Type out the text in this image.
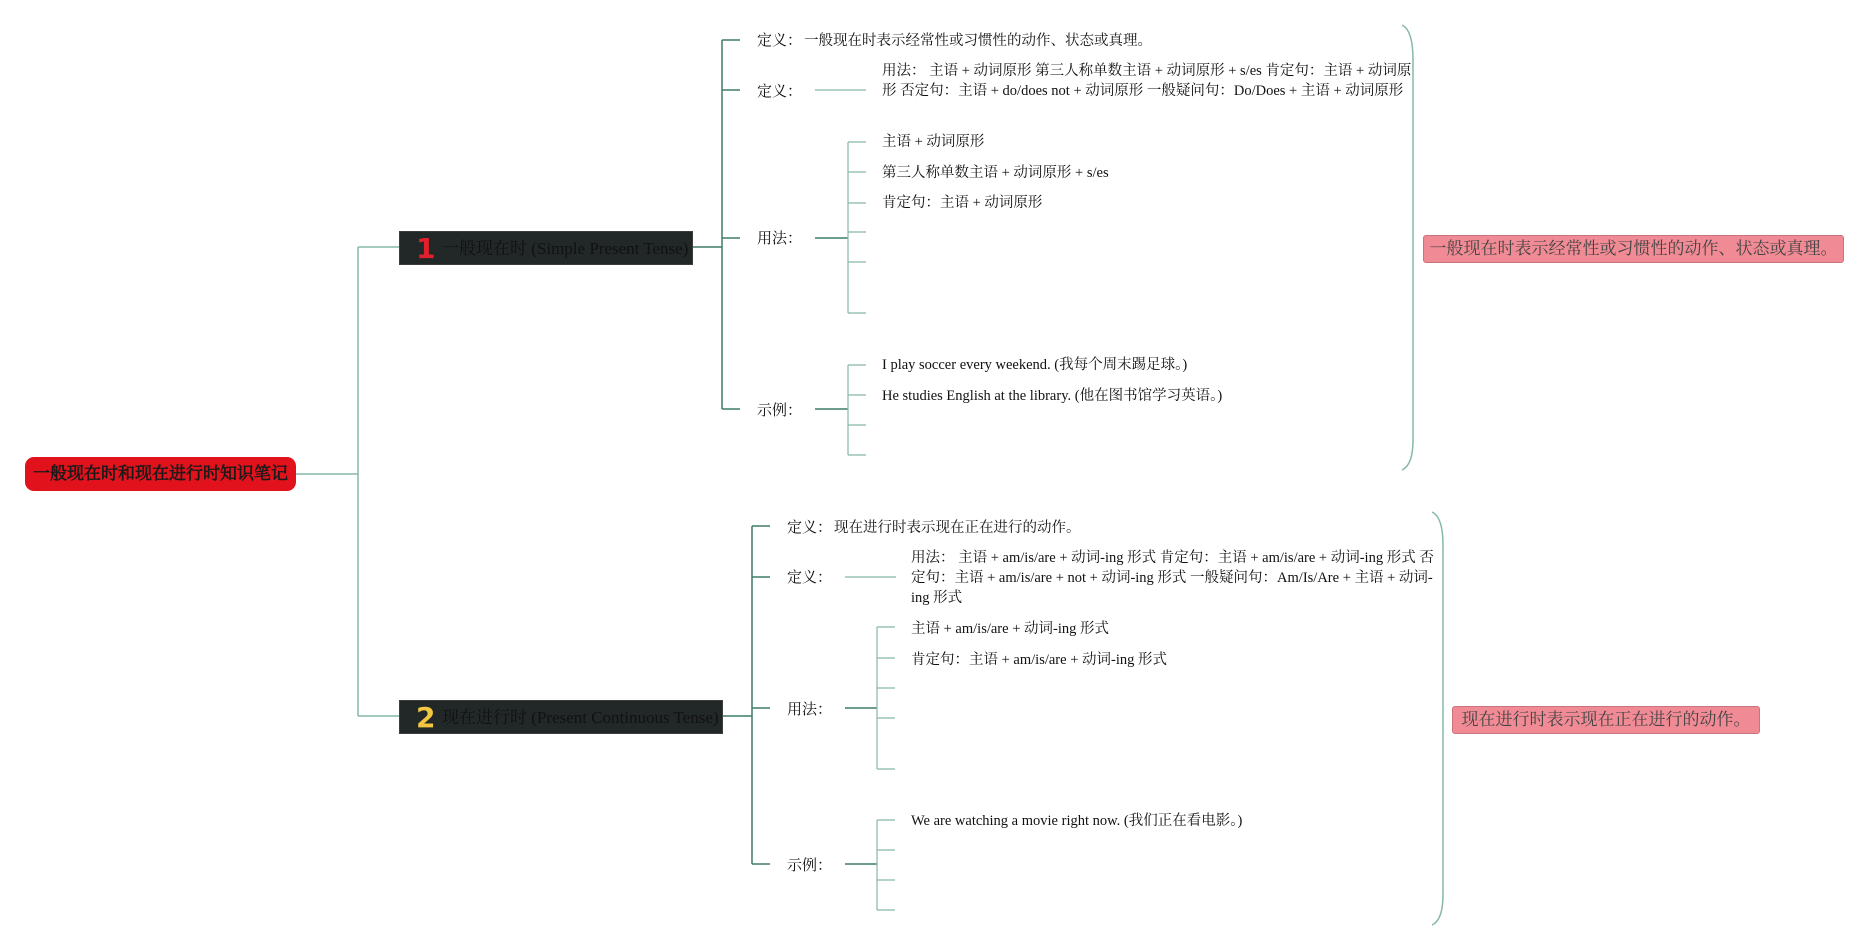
一般现在时和现在进行时知识笔记
1 一般现在时 (Simple Present Tense)
定义： 一般现在时表示经常性或习惯性的动作、状态或真理。
定义：
用法： 主语 + 动词原形 第三人称单数主语 + 动词原形 + s/es 肯定句：主语 + 动词原形 否定句：主语 + do/does not + 动词原形 一般疑问句：Do/Does + 主语 + 动词原形
用法：
主语 + 动词原形
第三人称单数主语 + 动词原形 + s/es
肯定句：主语 + 动词原形
示例：
I play soccer every weekend. (我每个周末踢足球。)
He studies English at the library. (他在图书馆学习英语。)
一般现在时表示经常性或习惯性的动作、状态或真理。
2 现在进行时 (Present Continuous Tense)
定义： 现在进行时表示现在正在进行的动作。
定义：
用法： 主语 + am/is/are + 动词-ing 形式 肯定句：主语 + am/is/are + 动词-ing 形式 否定句：主语 + am/is/are + not + 动词-ing 形式 一般疑问句：Am/Is/Are + 主语 + 动词-ing 形式
用法：
主语 + am/is/are + 动词-ing 形式
肯定句：主语 + am/is/are + 动词-ing 形式
示例：
We are watching a movie right now. (我们正在看电影。)
现在进行时表示现在正在进行的动作。
